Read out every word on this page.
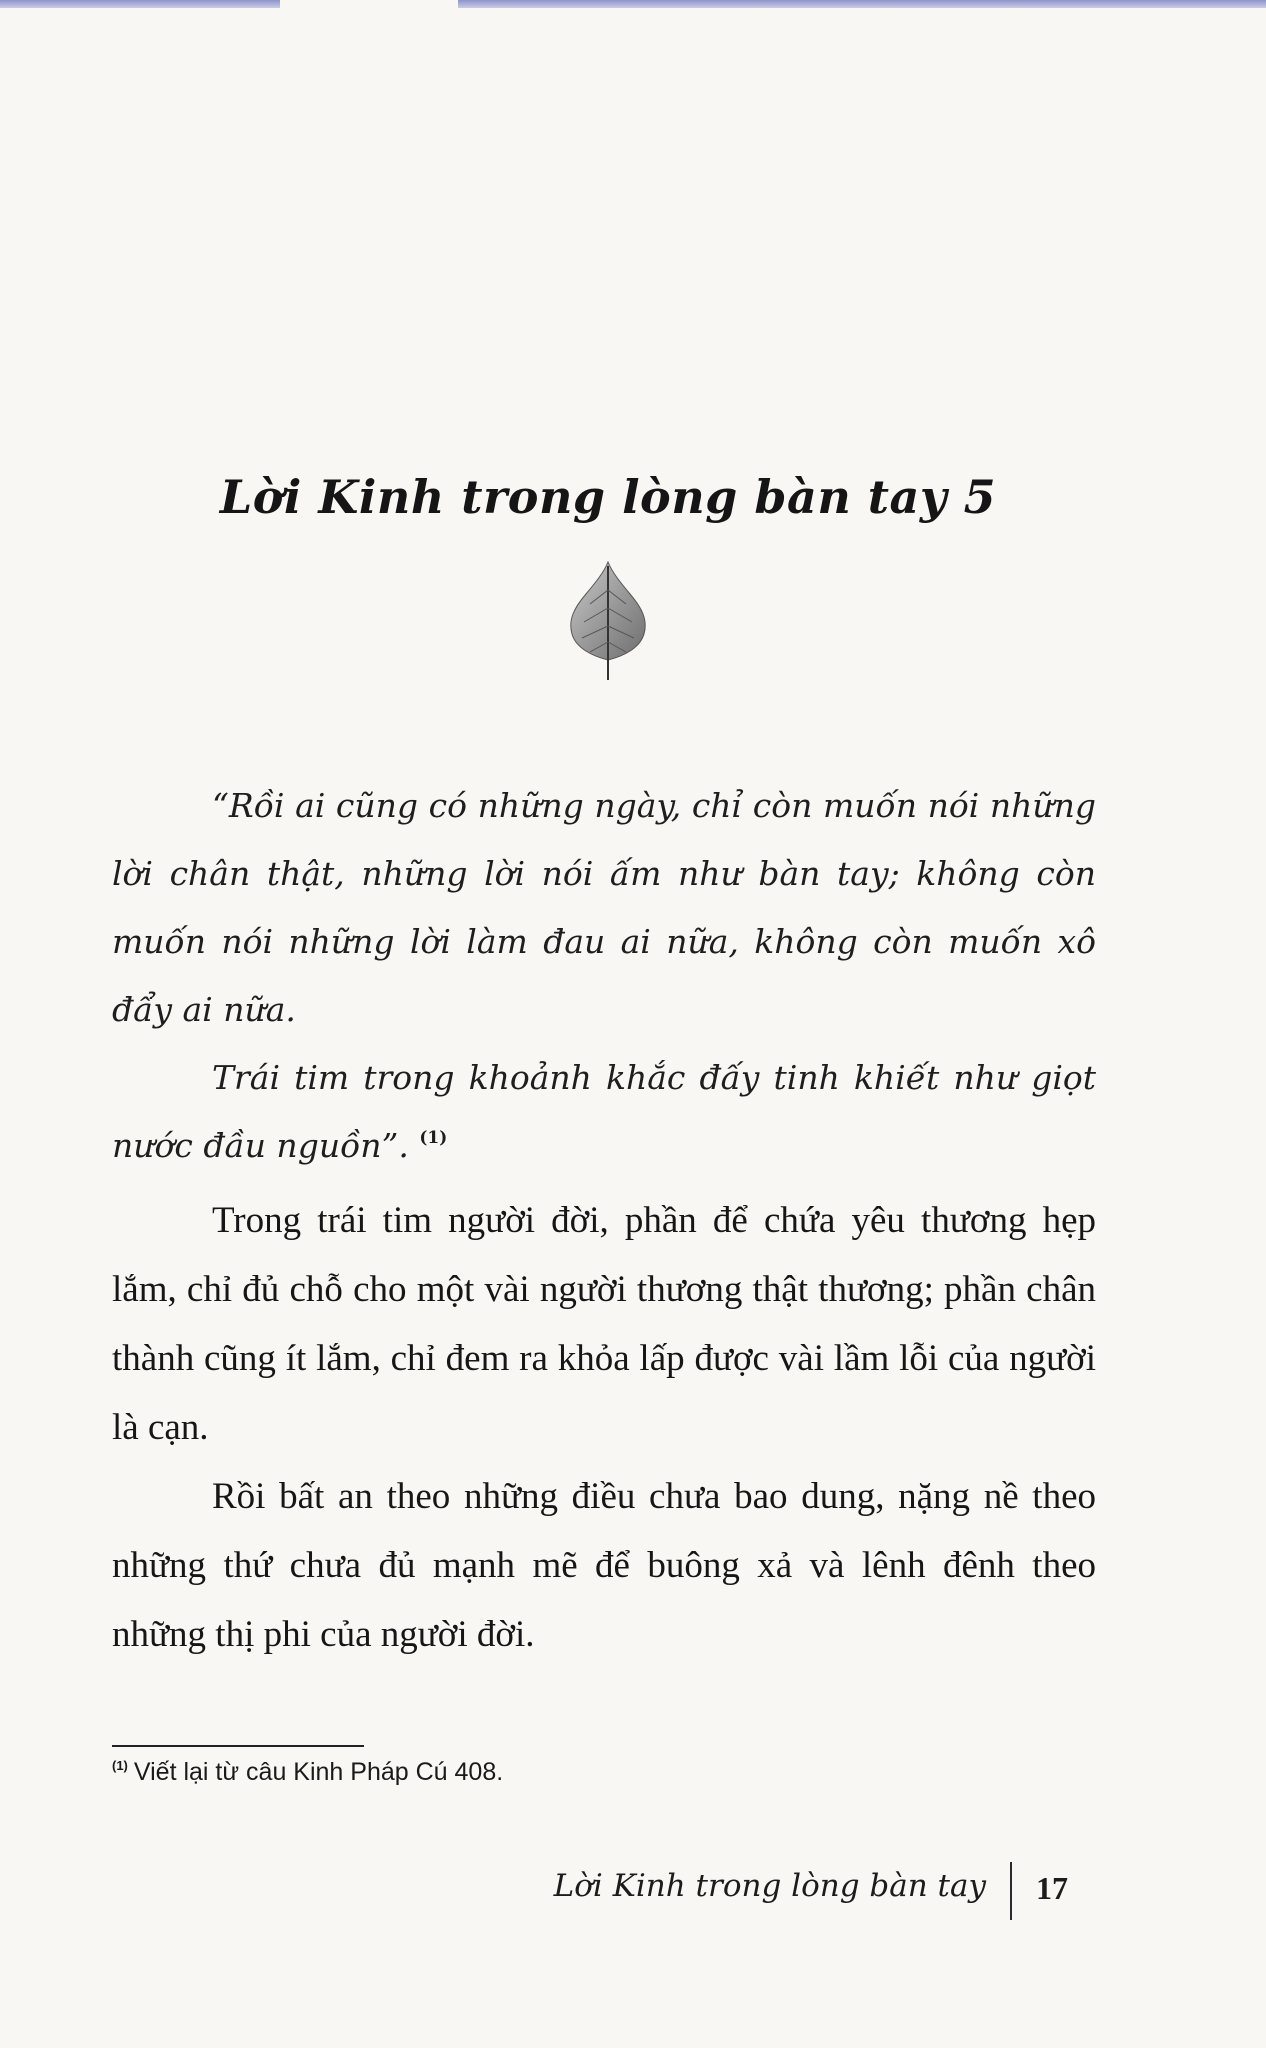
Lời Kinh trong lòng bàn tay 5

“Rồi ai cũng có những ngày, chỉ còn muốn nói những lời chân thật, những lời nói ấm như bàn tay; không còn muốn nói những lời làm đau ai nữa, không còn muốn xô đẩy ai nữa.

Trái tim trong khoảnh khắc đấy tinh khiết như giọt nước đầu nguồn”. $^{(1)}$

Trong trái tim người đời, phần để chứa yêu thương hẹp lắm, chỉ đủ chỗ cho một vài người thương thật thương; phần chân thành cũng ít lắm, chỉ đem ra khỏa lấp được vài lầm lỗi của người là cạn.

Rồi bất an theo những điều chưa bao dung, nặng nề theo những thứ chưa đủ mạnh mẽ để buông xả và lênh đênh theo những thị phi của người đời.

$^{(1)}$ Viết lại từ câu Kinh Pháp Cú 408.
Lời Kinh trong lòng bàn tay 17
